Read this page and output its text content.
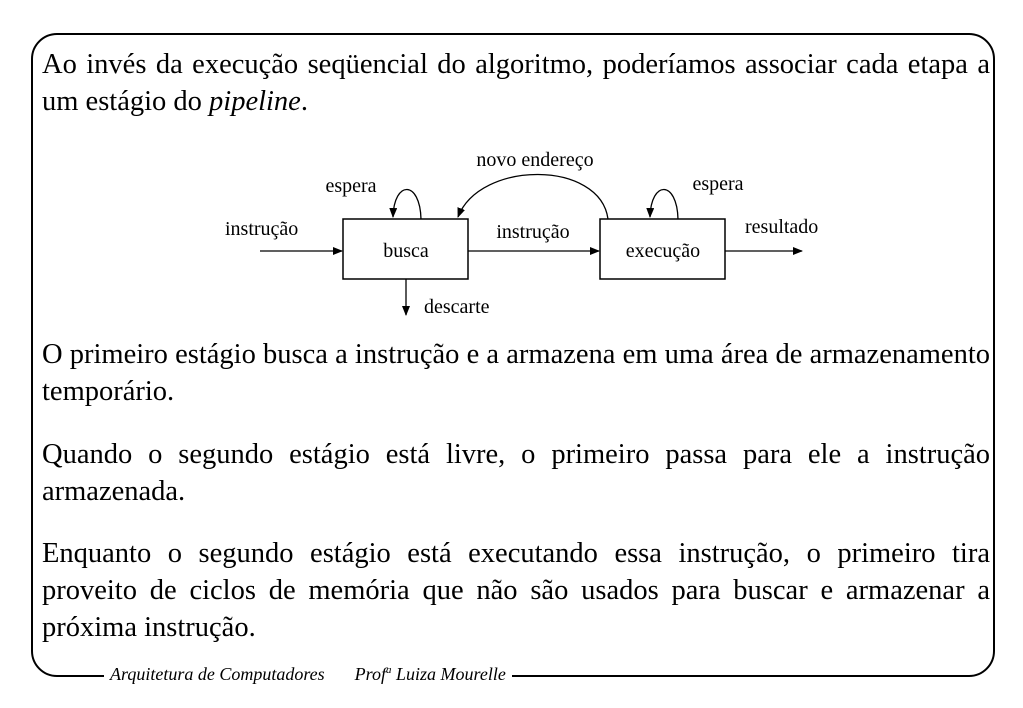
Ao invés da execução seqüencial do algoritmo, poderíamos associar cada etapa a um estágio do pipeline.

instrução
busca	execução
instrução
novo endereço
espera	espera
resultado
descarte

O primeiro estágio busca a instrução e a armazena em uma área de armazenamento temporário.

Quando o segundo estágio está livre, o primeiro passa para ele a instrução armazenada.

Enquanto o segundo estágio está executando essa instrução, o primeiro tira proveito de ciclos de memória que não são usados para buscar e armazenar a próxima instrução.

Arquitetura de Computadores Prof$^a$ Luiza Mourelle
